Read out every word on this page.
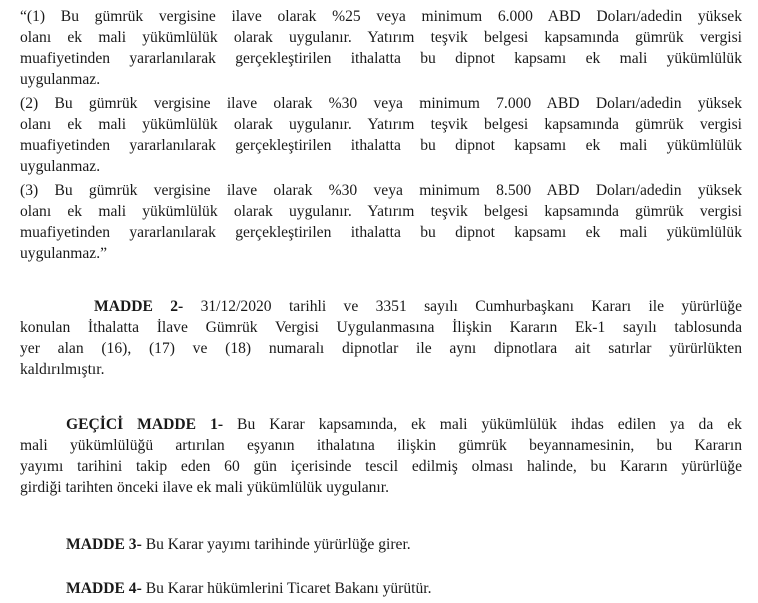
“(1) Bu gümrük vergisine ilave olarak %25 veya minimum 6.000 ABD Doları/adedin yüksek
olanı ek mali yükümlülük olarak uygulanır. Yatırım teşvik belgesi kapsamında gümrük vergisi
muafiyetinden yararlanılarak gerçekleştirilen ithalatta bu dipnot kapsamı ek mali yükümlülük
uygulanmaz.
(2) Bu gümrük vergisine ilave olarak %30 veya minimum 7.000 ABD Doları/adedin yüksek
olanı ek mali yükümlülük olarak uygulanır. Yatırım teşvik belgesi kapsamında gümrük vergisi
muafiyetinden yararlanılarak gerçekleştirilen ithalatta bu dipnot kapsamı ek mali yükümlülük
uygulanmaz.
(3) Bu gümrük vergisine ilave olarak %30 veya minimum 8.500 ABD Doları/adedin yüksek
olanı ek mali yükümlülük olarak uygulanır. Yatırım teşvik belgesi kapsamında gümrük vergisi
muafiyetinden yararlanılarak gerçekleştirilen ithalatta bu dipnot kapsamı ek mali yükümlülük
uygulanmaz.”
MADDE 2- 31/12/2020 tarihli ve 3351 sayılı Cumhurbaşkanı Kararı ile yürürlüğe
konulan İthalatta İlave Gümrük Vergisi Uygulanmasına İlişkin Kararın Ek-1 sayılı tablosunda
yer alan (16), (17) ve (18) numaralı dipnotlar ile aynı dipnotlara ait satırlar yürürlükten
kaldırılmıştır.
GEÇİCİ MADDE 1- Bu Karar kapsamında, ek mali yükümlülük ihdas edilen ya da ek
mali yükümlülüğü artırılan eşyanın ithalatına ilişkin gümrük beyannamesinin, bu Kararın
yayımı tarihini takip eden 60 gün içerisinde tescil edilmiş olması halinde, bu Kararın yürürlüğe
girdiği tarihten önceki ilave ek mali yükümlülük uygulanır.
MADDE 3- Bu Karar yayımı tarihinde yürürlüğe girer.
MADDE 4- Bu Karar hükümlerini Ticaret Bakanı yürütür.
